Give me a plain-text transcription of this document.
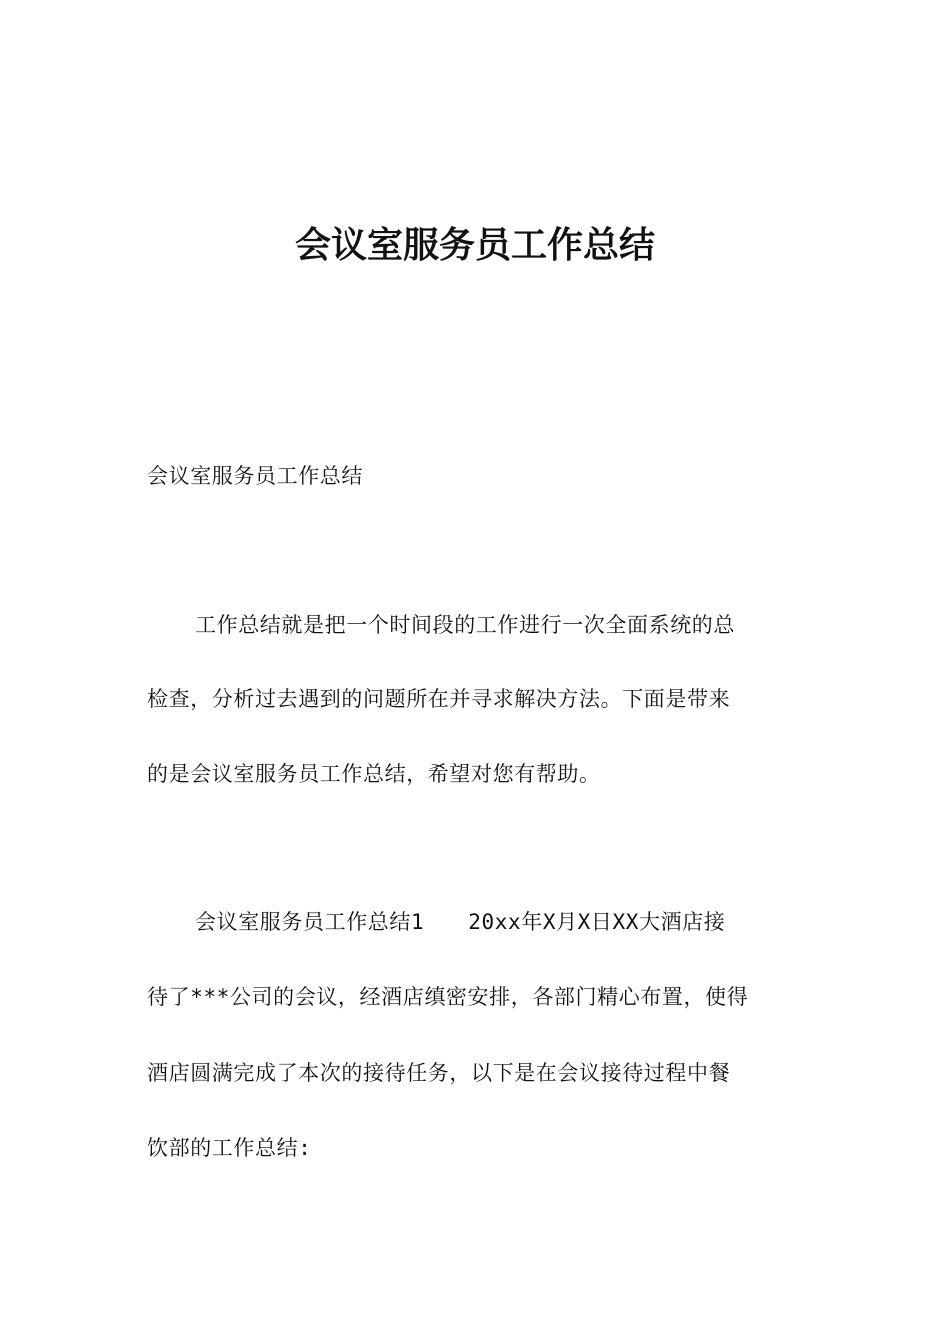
会议室服务员工作总结

会议室服务员工作总结

工作总结就是把一个时间段的工作进行一次全面系统的总

检查，分析过去遇到的问题所在并寻求解决方法。下面是带来

的是会议室服务员工作总结，希望对您有帮助。

会议室服务员工作总结1 20xx年X月X日XX大酒店接

待了***公司的会议，经酒店缜密安排，各部门精心布置，使得

酒店圆满完成了本次的接待任务，以下是在会议接待过程中餐

饮部的工作总结:
